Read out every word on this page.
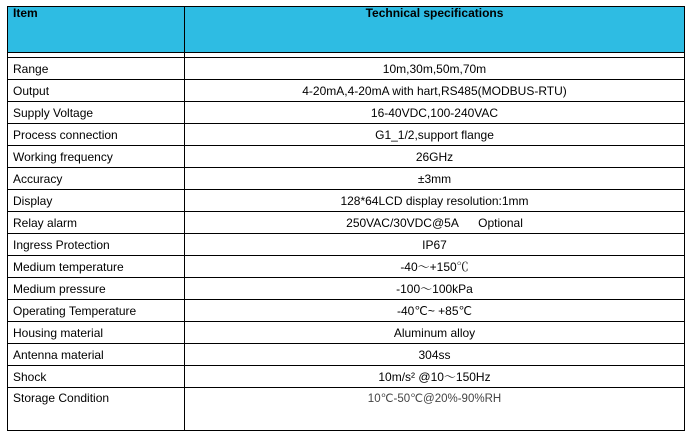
Item	Technical specifications

Range	10m,30m,50m,70m
Output	4-20mA,4-20mA with hart,RS485(MODBUS-RTU)
Supply Voltage	16-40VDC,100-240VAC
Process connection	G1_1/2,support flange
Working frequency	26GHz
Accuracy	±3mm
Display	128*64LCD display resolution:1mm
Relay alarm	250VAC/30VDC@5A      Optional
Ingress Protection	IP67
Medium temperature	-40～+150℃
Medium pressure	-100～100kPa
Operating Temperature	-40℃~ +85℃
Housing material	Aluminum alloy
Antenna material	304ss
Shock	10m/s² @10～150Hz
Storage Condition	10℃-50℃@20%-90%RH
